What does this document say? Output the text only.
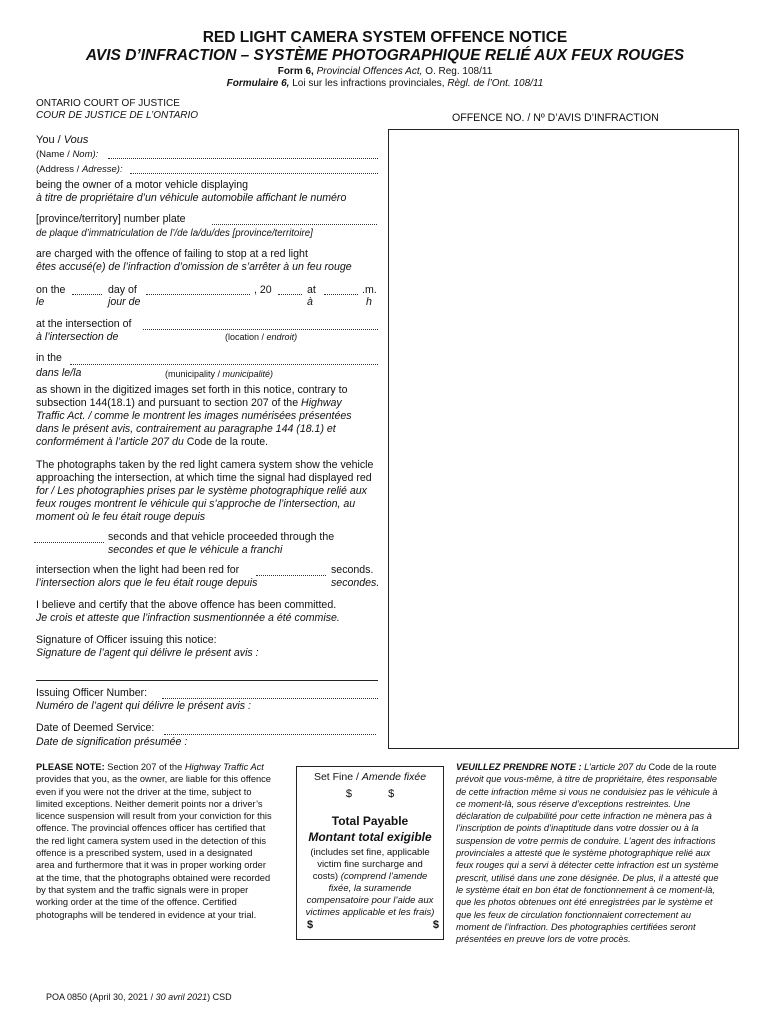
RED LIGHT CAMERA SYSTEM OFFENCE NOTICE
AVIS D’INFRACTION – SYSTÈME PHOTOGRAPHIQUE RELIÉ AUX FEUX ROUGES
Form 6, Provincial Offences Act, O. Reg. 108/11
Formulaire 6, Loi sur les infractions provinciales, Règl. de l’Ont. 108/11
ONTARIO COURT OF JUSTICE
COUR DE JUSTICE DE L’ONTARIO	OFFENCE NO. / Nº D’AVIS D’INFRACTION
You / Vous
(Name / Nom):
(Address / Adresse):
being the owner of a motor vehicle displaying
à titre de propriétaire d’un véhicule automobile affichant le numéro
[province/territory] number plate
de plaque d’immatriculation de l’/de la/du/des [province/territoire]
are charged with the offence of failing to stop at a red light
êtes accusé(e) de l’infraction d’omission de s’arrêter à un feu rouge
on the	day of	, 20	at	.m.
le	jour de	à	h
at the intersection of
à l’intersection de	(location / endroit)
in the
dans le/la	(municipality / municipalité)
as shown in the digitized images set forth in this notice, contrary to
subsection 144(18.1) and pursuant to section 207 of the Highway
Traffic Act. / comme le montrent les images numérisées présentées
dans le présent avis, contrairement au paragraphe 144 (18.1) et
conformément à l’article 207 du Code de la route.
The photographs taken by the red light camera system show the vehicle
approaching the intersection, at which time the signal had displayed red
for / Les photographies prises par le système photographique relié aux
feux rouges montrent le véhicule qui s’approche de l’intersection, au
moment où le feu était rouge depuis
seconds and that vehicle proceeded through the
secondes et que le véhicule a franchi
intersection when the light had been red for	seconds.
l’intersection alors que le feu était rouge depuis	secondes.
I believe and certify that the above offence has been committed.
Je crois et atteste que l’infraction susmentionnée a été commise.
Signature of Officer issuing this notice:
Signature de l’agent qui délivre le présent avis :
Issuing Officer Number:
Numéro de l’agent qui délivre le présent avis :
Date of Deemed Service:
Date de signification présumée :
PLEASE NOTE: Section 207 of the Highway Traffic Act
provides that you, as the owner, are liable for this offence
even if you were not the driver at the time, subject to
limited exceptions. Neither demerit points nor a driver’s
licence suspension will result from your conviction for this
offence. The provincial offences officer has certified that
the red light camera system used in the detection of this
offence is a prescribed system, used in a designated
area and furthermore that it was in proper working order
at the time, that the photographs obtained were recorded
by that system and the traffic signals were in proper
working order at the time of the offence. Certified
photographs will be tendered in evidence at your trial.
Set Fine / Amende fixée
$	$
Total Payable
Montant total exigible
(includes set fine, applicable
victim fine surcharge and
costs) (comprend l’amende
fixée, la suramende
compensatoire pour l’aide aux
victimes applicable et les frais)
$	$
VEUILLEZ PRENDRE NOTE : L’article 207 du Code de la route
prévoit que vous-même, à titre de propriétaire, êtes responsable
de cette infraction même si vous ne conduisiez pas le véhicule à
ce moment-là, sous réserve d’exceptions restreintes. Une
déclaration de culpabilité pour cette infraction ne mènera pas à
l’inscription de points d’inaptitude dans votre dossier ou à la
suspension de votre permis de conduire. L’agent des infractions
provinciales a attesté que le système photographique relié aux
feux rouges qui a servi à détecter cette infraction est un système
prescrit, utilisé dans une zone désignée. De plus, il a attesté que
le système était en bon état de fonctionnement à ce moment-là,
que les photos obtenues ont été enregistrées par le système et
que les feux de circulation fonctionnaient correctement au
moment de l’infraction. Des photographies certifiées seront
présentées en preuve lors de votre procès.
POA 0850 (April 30, 2021 / 30 avril 2021) CSD
